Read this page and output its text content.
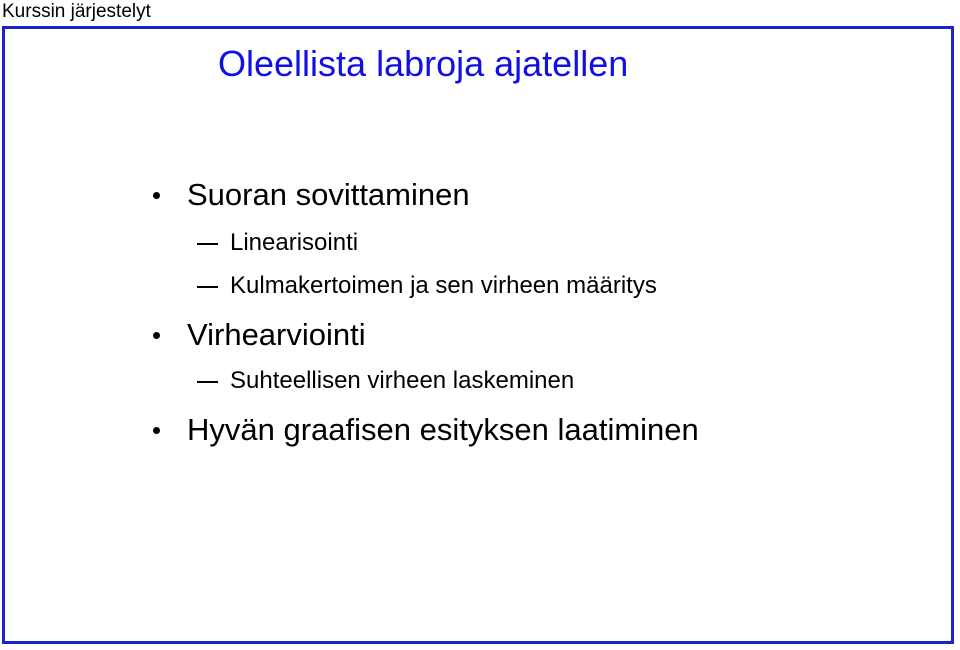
Kurssin järjestelyt
Oleellista labroja ajatellen
Suoran sovittaminen
Linearisointi
Kulmakertoimen ja sen virheen määritys
Virhearviointi
Suhteellisen virheen laskeminen
Hyvän graafisen esityksen laatiminen
